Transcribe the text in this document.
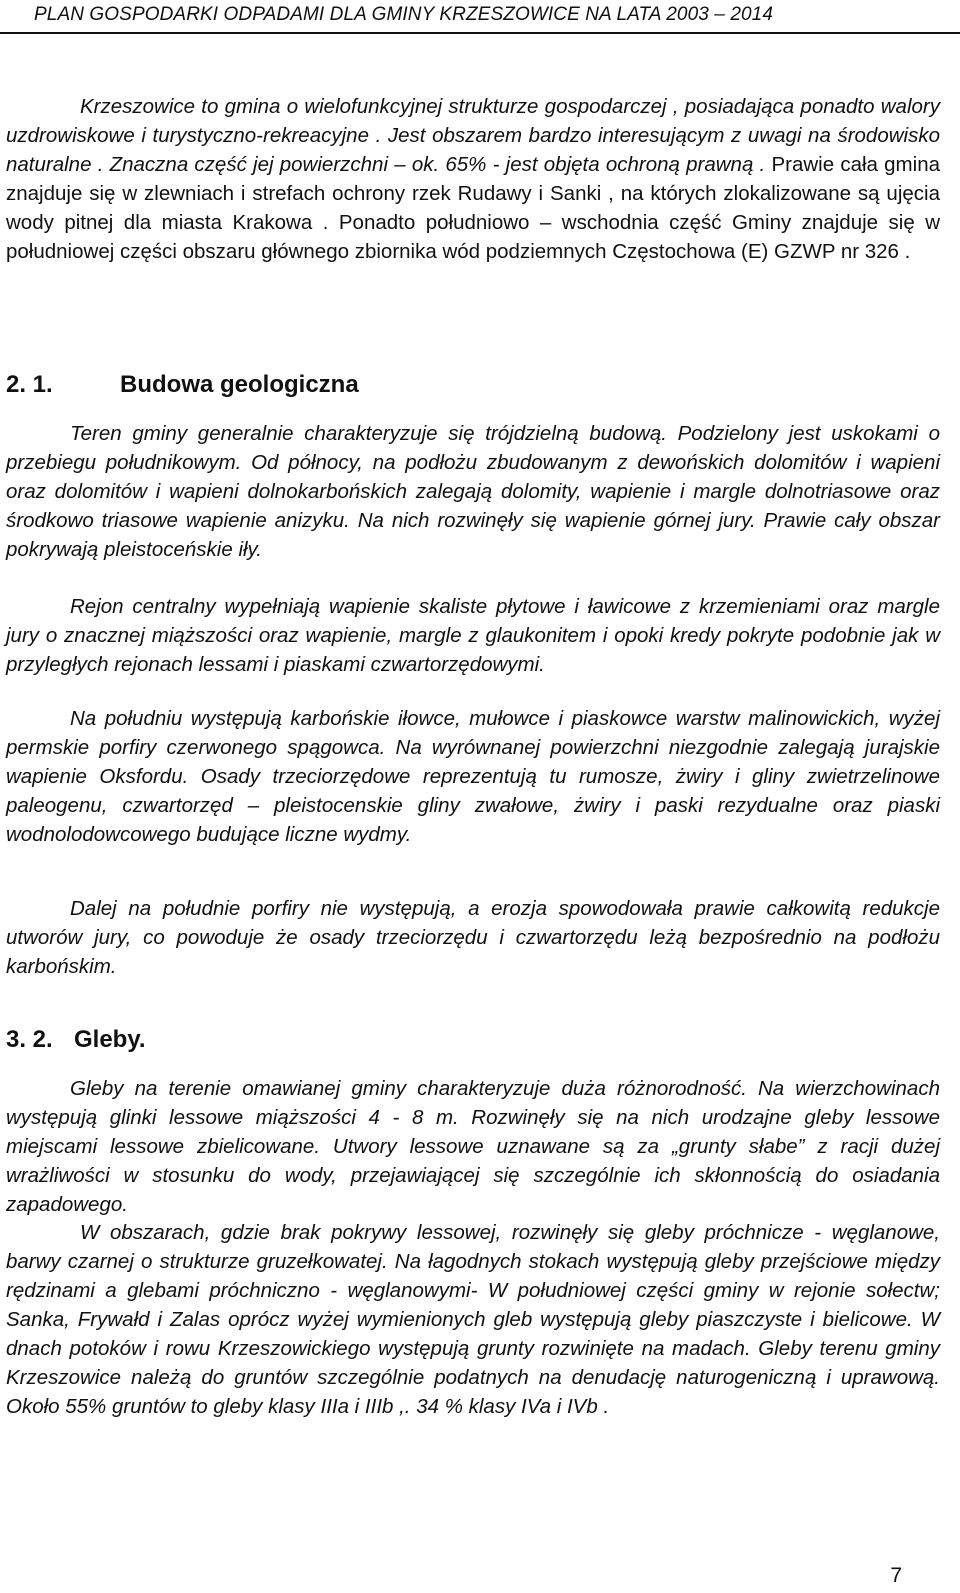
PLAN GOSPODARKI ODPADAMI DLA GMINY KRZESZOWICE NA LATA 2003 – 2014

Krzeszowice to gmina o wielofunkcyjnej strukturze gospodarczej , posiadająca ponadto walory uzdrowiskowe i turystyczno-rekreacyjne . Jest obszarem bardzo interesującym z uwagi na środowisko naturalne . Znaczna część jej powierzchni – ok. 65% - jest objęta ochroną prawną . Prawie cała gmina znajduje się w zlewniach i strefach ochrony rzek Rudawy i Sanki , na których zlokalizowane są ujęcia wody pitnej dla miasta Krakowa . Ponadto południowo – wschodnia część Gminy znajduje się w południowej części obszaru głównego zbiornika wód podziemnych Częstochowa (E) GZWP nr 326 .

2. 1.	Budowa geologiczna

Teren gminy generalnie charakteryzuje się trójdzielną budową. Podzielony jest uskokami o przebiegu południkowym. Od północy, na podłożu zbudowanym z dewońskich dolomitów i wapieni oraz dolomitów i wapieni dolnokarbońskich zalegają dolomity, wapienie i margle dolnotriasowe oraz środkowo triasowe wapienie anizyku. Na nich rozwinęły się wapienie górnej jury. Prawie cały obszar pokrywają pleistoceńskie iły.

Rejon centralny wypełniają wapienie skaliste płytowe i ławicowe z krzemieniami oraz margle jury o znacznej miąższości oraz wapienie, margle z glaukonitem i opoki kredy pokryte podobnie jak w przyległych rejonach lessami i piaskami czwartorzędowymi.

Na południu występują karbońskie iłowce, mułowce i piaskowce warstw malinowickich, wyżej permskie porfiry czerwonego spągowca. Na wyrównanej powierzchni niezgodnie zalegają jurajskie wapienie Oksfordu. Osady trzeciorzędowe reprezentują tu rumosze, żwiry i gliny zwietrzelinowe paleogenu, czwartorzęd – pleistocenskie gliny zwałowe, żwiry i paski rezydualne oraz piaski wodnolodowcowego budujące liczne wydmy.

Dalej na południe porfiry nie występują, a erozja spowodowała prawie całkowitą redukcje utworów jury, co powoduje że osady trzeciorzędu i czwartorzędu leżą bezpośrednio na podłożu karbońskim.

3. 2. Gleby.

Gleby na terenie omawianej gminy charakteryzuje duża różnorodność. Na wierzchowinach występują glinki lessowe miąższości 4 - 8 m. Rozwinęły się na nich urodzajne gleby lessowe miejscami lessowe zbielicowane. Utwory lessowe uznawane są za „grunty słabe” z racji dużej wrażliwości w stosunku do wody, przejawiającej się szczególnie ich skłonnością do osiadania zapadowego.

W obszarach, gdzie brak pokrywy lessowej, rozwinęły się gleby próchnicze - węglanowe, barwy czarnej o strukturze gruzełkowatej. Na łagodnych stokach występują gleby przejściowe między rędzinami a glebami próchniczno - węglanowymi- W południowej części gminy w rejonie sołectw; Sanka, Frywałd i Zalas oprócz wyżej wymienionych gleb występują gleby piaszczyste i bielicowe. W dnach potoków i rowu Krzeszowickiego występują grunty rozwinięte na madach. Gleby terenu gminy Krzeszowice należą do gruntów szczególnie podatnych na denudację naturogeniczną i uprawową. Około 55% gruntów to gleby klasy IIIa i IIIb ,. 34 % klasy IVa i IVb .

7
